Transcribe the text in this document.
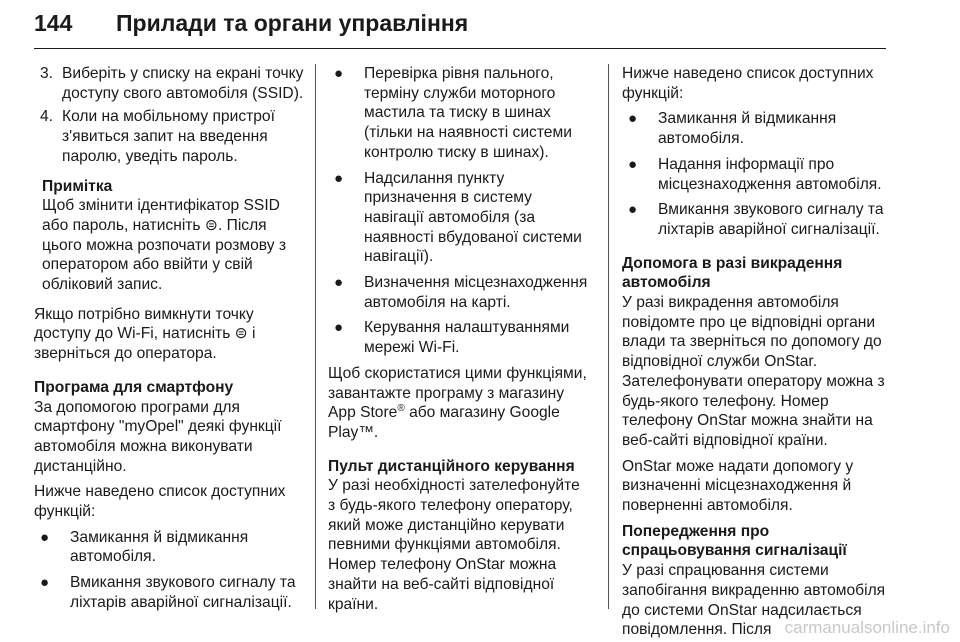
144 Прилади та органи управління
3. Виберіть у списку на екрані точку доступу свого автомобіля (SSID).

4. Коли на мобільному пристрої з'явиться запит на введення паролю, уведіть пароль.

Примітка

Щоб змінити ідентифікатор SSID або пароль, натисніть ⊜. Після цього можна розпочати розмову з оператором або ввійти у свій обліковий запис.

Якщо потрібно вимкнути точку доступу до Wi-Fi, натисніть ⊜ і зверніться до оператора.

Програма для смартфону

За допомогою програми для смартфону "myOpel" деякі функції автомобіля можна виконувати дистанційно.

Нижче наведено список доступних функцій:

● Замикання й відмикання автомобіля.

● Вмикання звукового сигналу та ліхтарів аварійної сигналізації.

● Перевірка рівня пального, терміну служби моторного мастила та тиску в шинах (тільки на наявності системи контролю тиску в шинах).

● Надсилання пункту призначення в систему навігації автомобіля (за наявності вбудованої системи навігації).

● Визначення місцезнаходження автомобіля на карті.

● Керування налаштуваннями мережі Wi-Fi.

Щоб скористатися цими функціями, завантажте програму з магазину App Store® або магазину Google Play™.

Пульт дистанційного керування

У разі необхідності зателефонуйте з будь-якого телефону оператору, який може дистанційно керувати певними функціями автомобіля. Номер телефону OnStar можна знайти на веб-сайті відповідної країни.

Нижче наведено список доступних функцій:

● Замикання й відмикання автомобіля.

● Надання інформації про місцезнаходження автомобіля.

● Вмикання звукового сигналу та ліхтарів аварійної сигналізації.

Допомога в разі викрадення автомобіля

У разі викрадення автомобіля повідомте про це відповідні органи влади та зверніться по допомогу до відповідної служби OnStar. Зателефонувати оператору можна з будь-якого телефону. Номер телефону OnStar можна знайти на веб-сайті відповідної країни.

OnStar може надати допомогу у визначенні місцезнаходження й поверненні автомобіля.

Попередження про спрацьовування сигналізації

У разі спрацювання системи запобігання викраденню автомобіля до системи OnStar надсилається повідомлення. Після carmanualsonline.info
